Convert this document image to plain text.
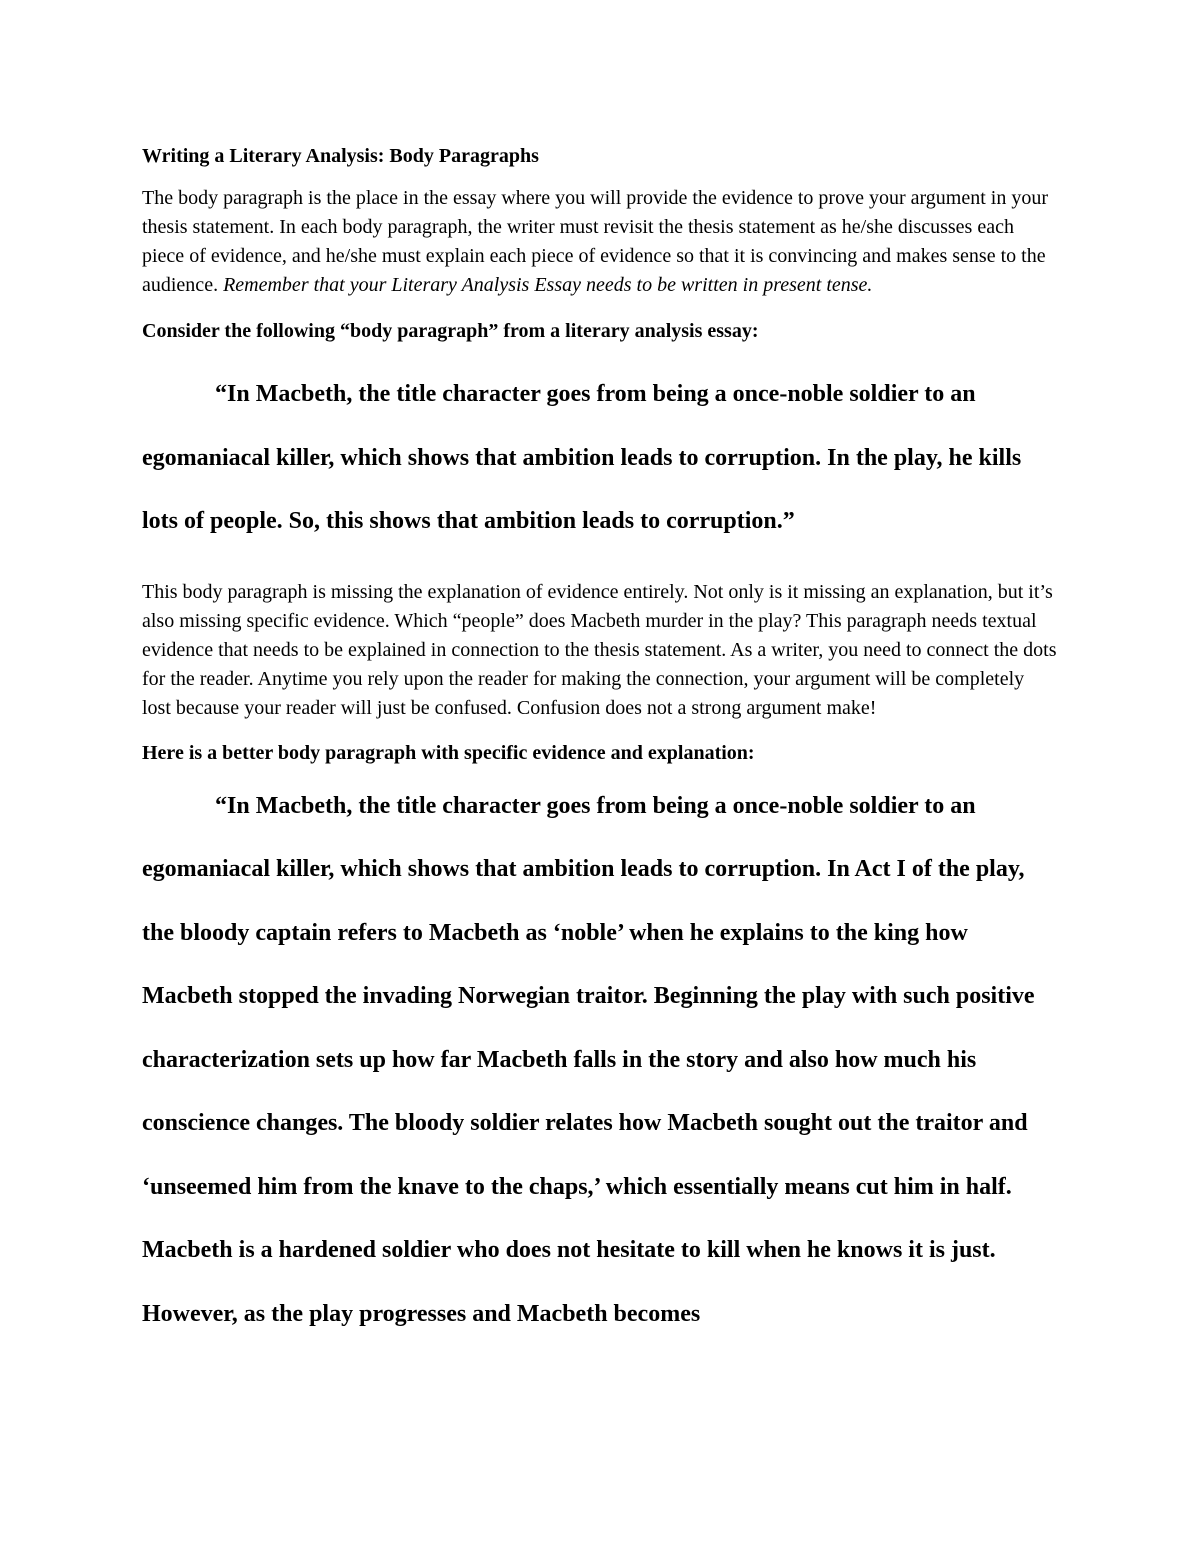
Writing a Literary Analysis: Body Paragraphs

The body paragraph is the place in the essay where you will provide the evidence to prove your argument in your thesis statement. In each body paragraph, the writer must revisit the thesis statement as he/she discusses each piece of evidence, and he/she must explain each piece of evidence so that it is convincing and makes sense to the audience. Remember that your Literary Analysis Essay needs to be written in present tense.

Consider the following “body paragraph” from a literary analysis essay:

“In Macbeth, the title character goes from being a once-noble soldier to an egomaniacal killer, which shows that ambition leads to corruption. In the play, he kills lots of people. So, this shows that ambition leads to corruption.”

This body paragraph is missing the explanation of evidence entirely. Not only is it missing an explanation, but it’s also missing specific evidence. Which “people” does Macbeth murder in the play? This paragraph needs textual evidence that needs to be explained in connection to the thesis statement. As a writer, you need to connect the dots for the reader. Anytime you rely upon the reader for making the connection, your argument will be completely lost because your reader will just be confused. Confusion does not a strong argument make!

Here is a better body paragraph with specific evidence and explanation:

“In Macbeth, the title character goes from being a once-noble soldier to an egomaniacal killer, which shows that ambition leads to corruption. In Act I of the play, the bloody captain refers to Macbeth as ‘noble’ when he explains to the king how Macbeth stopped the invading Norwegian traitor. Beginning the play with such positive characterization sets up how far Macbeth falls in the story and also how much his conscience changes. The bloody soldier relates how Macbeth sought out the traitor and ‘unseemed him from the knave to the chaps,’ which essentially means cut him in half. Macbeth is a hardened soldier who does not hesitate to kill when he knows it is just. However, as the play progresses and Macbeth becomes
